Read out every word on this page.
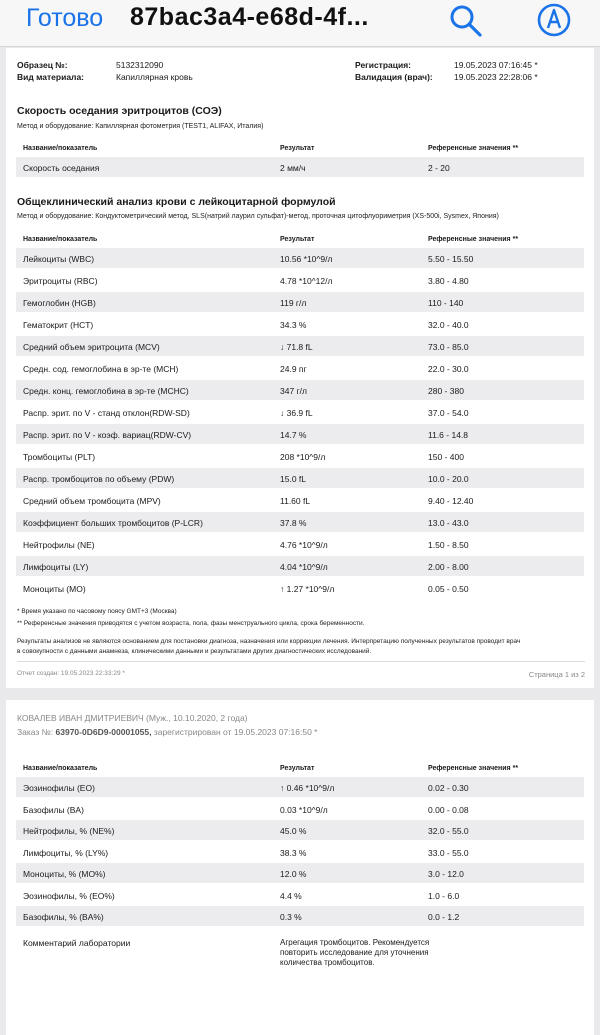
Готово 87bac3a4-e68d-4f...
Образец №:	5132312090
Вид материала:	Капиллярная кровь
Регистрация:	19.05.2023 07:16:45 *
Валидация (врач):	19.05.2023 22:28:06 *
Скорость оседания эритроцитов (СОЭ)
Метод и оборудование: Капиллярная фотометрия (TEST1, ALIFAX, Италия)
Название/показатель	Результат	Референсные значения **
Скорость оседания	2 мм/ч	2 - 20
Общеклинический анализ крови с лейкоцитарной формулой
Метод и оборудование: Кондуктометрический метод, SLS(натрий лаурил сульфат)-метод, проточная цитофлуориметрия (XS-500i, Sysmex, Япония)
Название/показатель	Результат	Референсные значения **
Лейкоциты (WBC)	10.56 *10^9/л	5.50 - 15.50
Эритроциты (RBC)	4.78 *10^12/л	3.80 - 4.80
Гемоглобин (HGB)	119 г/л	110 - 140
Гематокрит (HCT)	34.3 %	32.0 - 40.0
Средний объем эритроцита (MCV)	↓ 71.8 fL	73.0 - 85.0
Средн. сод. гемоглобина в эр-те (MCH)	24.9 пг	22.0 - 30.0
Средн. конц. гемоглобина в эр-те (MCHC)	347 г/л	280 - 380
Распр. эрит. по V - станд отклон(RDW-SD)	↓ 36.9 fL	37.0 - 54.0
Распр. эрит. по V - коэф. вариац(RDW-CV)	14.7 %	11.6 - 14.8
Тромбоциты (PLT)	208 *10^9/л	150 - 400
Распр. тромбоцитов по объему (PDW)	15.0 fL	10.0 - 20.0
Средний объем тромбоцита (MPV)	11.60 fL	9.40 - 12.40
Коэффициент больших тромбоцитов (P-LCR)	37.8 %	13.0 - 43.0
Нейтрофилы (NE)	4.76 *10^9/л	1.50 - 8.50
Лимфоциты (LY)	4.04 *10^9/л	2.00 - 8.00
Моноциты (MO)	↑ 1.27 *10^9/л	0.05 - 0.50
* Время указано по часовому поясу GMT+3 (Москва)
** Референсные значения приводятся с учетом возраста, пола, фазы менструального цикла, срока беременности.
Результаты анализов не являются основанием для постановки диагноза, назначения или коррекции лечения. Интерпретацию полученных результатов проводит врач
в совокупности с данными анамнеза, клиническими данными и результатами других диагностических исследований.
Отчет создан: 19.05.2023 22:33:29 *	Страница 1 из 2
КОВАЛЕВ ИВАН ДМИТРИЕВИЧ (Муж., 10.10.2020, 2 года)
Заказ №: 63970-0D6D9-00001055, зарегистрирован от 19.05.2023 07:16:50 *
Название/показатель	Результат	Референсные значения **
Эозинофилы (EO)	↑ 0.46 *10^9/л	0.02 - 0.30
Базофилы (BA)	0.03 *10^9/л	0.00 - 0.08
Нейтрофилы, % (NE%)	45.0 %	32.0 - 55.0
Лимфоциты, % (LY%)	38.3 %	33.0 - 55.0
Моноциты, % (MO%)	12.0 %	3.0 - 12.0
Эозинофилы, % (EO%)	4.4 %	1.0 - 6.0
Базофилы, % (BA%)	0.3 %	0.0 - 1.2
Комментарий лаборатории	Агрегация тромбоцитов. Рекомендуется повторить исследование для уточнения количества тромбоцитов.
